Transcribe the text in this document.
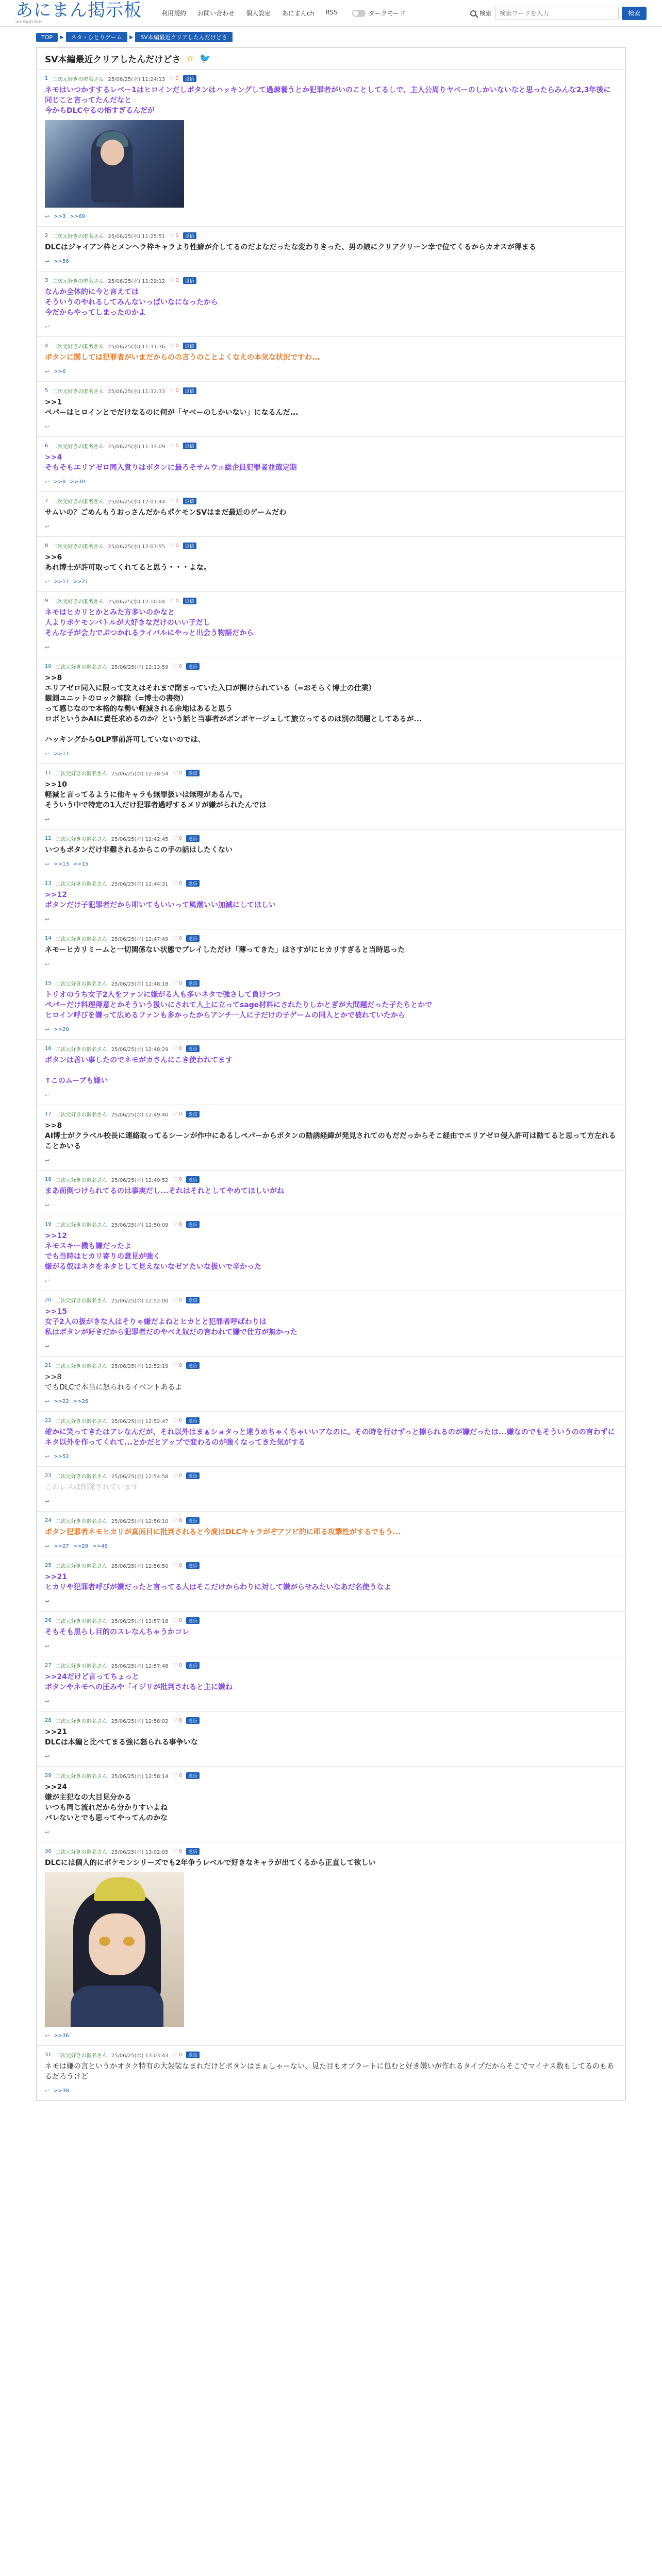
あにまん掲示板
animan bbs
利用規約 お問い合わせ 個人設定 あにまんch RSS	ダークモード	検索
検索ワードを入力	検索
TOP	▶	ネタ・ひとりゲーム	▶	SV本編最近クリアしたんだけどさ
SV本編最近クリアしたんだけどさ ☆ 🐦
1 二次元好きの匿名さん 25/06/25(水) 11:24:13 ♡ 0	返信
ネモはいつかすするレベー1はヒロインだしボタンはハッキングして過疎養うとか犯罪者がいのことしてるしで、主人公周りヤベーのしかいないなと思ったらみんな2,3年後に同じこと言ってたんだなと
今からDLCやるの怖すぎるんだが
↩ >>3 >>69
2 二次元好きの匿名さん 25/06/25(水) 11:25:51 ♡ 0	返信
DLCはジャイアン枠とメンヘラ枠キャラより性癖が介してるのだよなだったな変わりきった、男の娘にクリアクリーン幸で位てくるからカオスが得まる
↩ >>56
3 二次元好きの匿名さん 25/06/25(水) 11:29:12 ♡ 0	返信
なんか全体的に今と言えては
そういうのやれるしてみんないっぱいなになったから
今だからやってしまったのかよ
↩
4 二次元好きの匿名さん 25/06/25(水) 11:31:36 ♡ 0	返信
ボタンに関しては犯罪者がいまだからのの言うのことよくなえの本気な状況ですわ...
↩ >>6
5 二次元好きの匿名さん 25/06/25(水) 11:32:33 ♡ 0	返信
>>1
ペパーはヒロインとでだけなるのに何が「ヤベーのしかいない」になるんだ...
↩
6 二次元好きの匿名さん 25/06/25(水) 11:33:09 ♡ 0	返信
>>4
そもそもエリアゼロ同入貴りはボタンに最ろそサムウェ総企員犯罪者並選定期
↩ >>8 >>30
7 二次元好きの匿名さん 25/06/25(水) 12:01:44 ♡ 0	返信
サムいの？ごめんもうおっさんだからポケモンSVはまだ最近のゲームだわ
↩
8 二次元好きの匿名さん 25/06/25(水) 12:07:55 ♡ 0	返信
>>6
あれ博士が許可取ってくれてると思う・・・よな。
↩ >>17 >>21
9 二次元好きの匿名さん 25/06/25(水) 12:10:04 ♡ 0	返信
ネモはヒカリとかとみた方多いのかなと
人よりポケモンバトルが大好きなだけのいい子だし
そんな子が会力でぶつかれるライバルにやっと出会う物語だから
↩
10 二次元好きの匿名さん 25/06/25(水) 12:13:59 ♡ 0	返信
>>8
エリアゼロ同入に限って支えはそれまで閉まっていた入口が開けられている（=おそらく博士の仕業）
観測ユニットのロック解除（=博士の書物）
って感じなので本格的な勢い軽減される余地はあると思う
ロボというかAIに責任求めるのか？という話と当事者がボンボヤージュして旅立ってるのは別の問題としてあるが...

ハッキングからOLP事前許可していないのでは、
↩ >>11
11 二次元好きの匿名さん 25/06/25(水) 12:18:54 ♡ 0	返信
>>10
軽減と言ってるように他キャラも無罪扱いは無理があるんで。
そういう中で特定の1人だけ犯罪者過呼するメリが嫌がられたんでは
↩
12 二次元好きの匿名さん 25/06/25(水) 12:42:45 ♡ 0	返信
いつもボタンだけ非難されるからこの手の話はしたくない
↩ >>13 >>15
13 二次元好きの匿名さん 25/06/25(水) 12:44:31 ♡ 0	返信
>>12
ボタンだけ子犯罪者だから叩いてもいいって風潮いい加減にしてほしい
↩
14 二次元好きの匿名さん 25/06/25(水) 12:47:49 ♡ 0	返信
ネモーヒカリミームと一切関係ない状態でプレイしただけ「薄ってきた」はさすがにヒカリすぎると当時思った
↩
15 二次元好きの匿名さん 25/06/25(水) 12:48:18 ♡ 0	返信
トリオのうち女子2人をファンに嫌がる人も多いネタで強さして負けつつ
ペパーだけ料理得意とかそういう扱いにされて人上に立ってsage材料にされたりしかとぎが大問題だった子たちとかで
ヒロイン呼びを嫌って広めるファンも多かったからアンチ一人に子だけの子ゲームの同人とかで被れていたから
↩ >>20
16 二次元好きの匿名さん 25/06/25(水) 12:48:29 ♡ 0	返信
ボタンは善い事したのでネモがカさんにこき使われてます

↑このムーブも嫌い
↩
17 二次元好きの匿名さん 25/06/25(水) 12:49:40 ♡ 0	返信
>>8
AI博士がクラベル校長に連絡取ってるシーンが作中にあるしペパーからボタンの勧誘経緯が発見されてのもだだっからそこ経由でエリアゼロ侵入許可は勧てると思って方左れることかいる
↩
18 二次元好きの匿名さん 25/06/25(水) 12:49:52 ♡ 0	返信
まあ面倒つけられてるのは事実だし...それはそれとしてやめてほしいがね
↩
19 二次元好きの匿名さん 25/06/25(水) 12:50:09 ♡ 0	返信
>>12
ネモスキー機も嫌だったよ
でも当時はヒカリ寄りの意見が強く
嫌がる奴はネタをネタとして見えないなゼアたいな扱いで辛かった
↩
20 二次元好きの匿名さん 25/06/25(水) 12:52:00 ♡ 0	返信
>>15
女子2人の扱がきな人はそりゃ嫌だよねとヒカとと犯罪者呼ばわりは
私はボタンが好きだから犯罪者だのやべえ奴だの言われて嫌で仕方が無かった
↩
21 二次元好きの匿名さん 25/06/25(水) 12:52:19 ♡ 0	返信
>>8
でもDLCで本当に怒られるイベントあるよ
↩ >>22 >>26
22 二次元好きの匿名さん 25/06/25(水) 12:52:47 ♡ 0	返信
確かに笑ってきたはアレなんだが、それ以外はまぁショタっと違うめちゃくちゃいいアなのに。その時を行けずっと擦られるのが嫌だったは...嫌なのでもそういうのの言わずにネタ以外を作ってくれて...とかだとアップで変わるのが強くなってきた気がする
↩ >>52
23 二次元好きの匿名さん 25/06/25(水) 12:54:58 ♡ 0	返信
このレスは削除されています
↩
24 二次元好きの匿名さん 25/06/25(水) 12:56:10 ♡ 0	返信
ボタン犯罪者ネモヒカリが真面目に批判されると今度はDLCキャラがぞアソビ的に叩る攻撃性がするでもう...
↩ >>27 >>29 >>46
25 二次元好きの匿名さん 25/06/25(水) 12:56:50 ♡ 0	返信
>>21
ヒカリや犯罪者呼びが嫌だったと言ってる人はそこだけからわりに対して嫌がらせみたいなあだ名使うなよ
↩
26 二次元好きの匿名さん 25/06/25(水) 12:57:18 ♡ 0	返信
そもそも黒らし目的のスレなんちゃうかコレ
↩
27 二次元好きの匿名さん 25/06/25(水) 12:57:48 ♡ 0	返信
>>24だけど言ってちょっと
ボタンやネモへの圧みや「イジリが批判されると主に嫌ね
↩
28 二次元好きの匿名さん 25/06/25(水) 12:58:02 ♡ 0	返信
>>21
DLCは本編と比べてまる強に怒られる事争いな
↩
29 二次元好きの匿名さん 25/06/25(水) 12:58:14 ♡ 0	返信
>>24
嫌が主犯なの大目見分かる
いつも同じ流れだから分かりすいよね
バレないとでも思ってやってんのかな
↩
30 二次元好きの匿名さん 25/06/25(水) 13:02:05 ♡ 0	返信
DLCには個人的にポケモンシリーズでも2年争うレベルで好きなキャラが出てくるから正直して欲しい
↩ >>36
31 二次元好きの匿名さん 25/06/25(水) 13:03:43 ♡ 0	返信
ネモは嫌の言というかオタク特有の大袈裟なまれだけどボタンはまぁしゃーない、見た目もオブラートに包むと好き嫌いが作れるタイプだからそこでマイナス数もしてるのもあるだろうけど
↩ >>38
